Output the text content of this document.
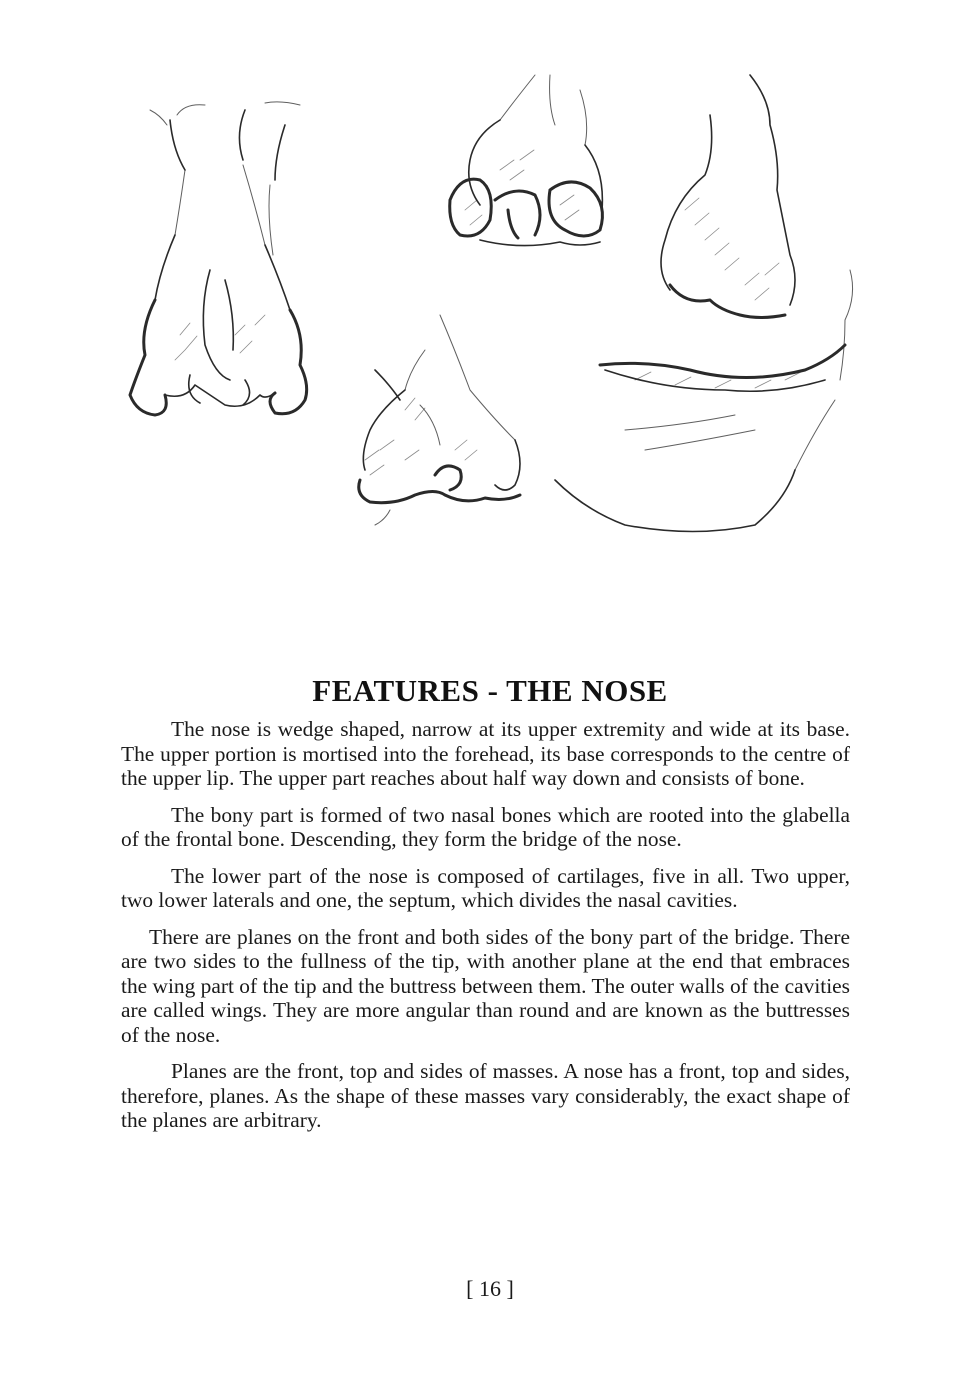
FEATURES - THE NOSE

The nose is wedge shaped, narrow at its upper extremity and wide at its base. The upper portion is mortised into the forehead, its base corresponds to the centre of the upper lip. The upper part reaches about half way down and consists of bone.

The bony part is formed of two nasal bones which are rooted into the glabella of the frontal bone. Descending, they form the bridge of the nose.

The lower part of the nose is composed of cartilages, five in all. Two upper, two lower laterals and one, the septum, which divides the nasal cavities.

There are planes on the front and both sides of the bony part of the bridge. There are two sides to the fullness of the tip, with another plane at the end that embraces the wing part of the tip and the buttress between them. The outer walls of the cavities are called wings. They are more angular than round and are known as the buttresses of the nose.

Planes are the front, top and sides of masses. A nose has a front, top and sides, therefore, planes. As the shape of these masses vary considerably, the exact shape of the planes are arbitrary.

[ 16 ]
